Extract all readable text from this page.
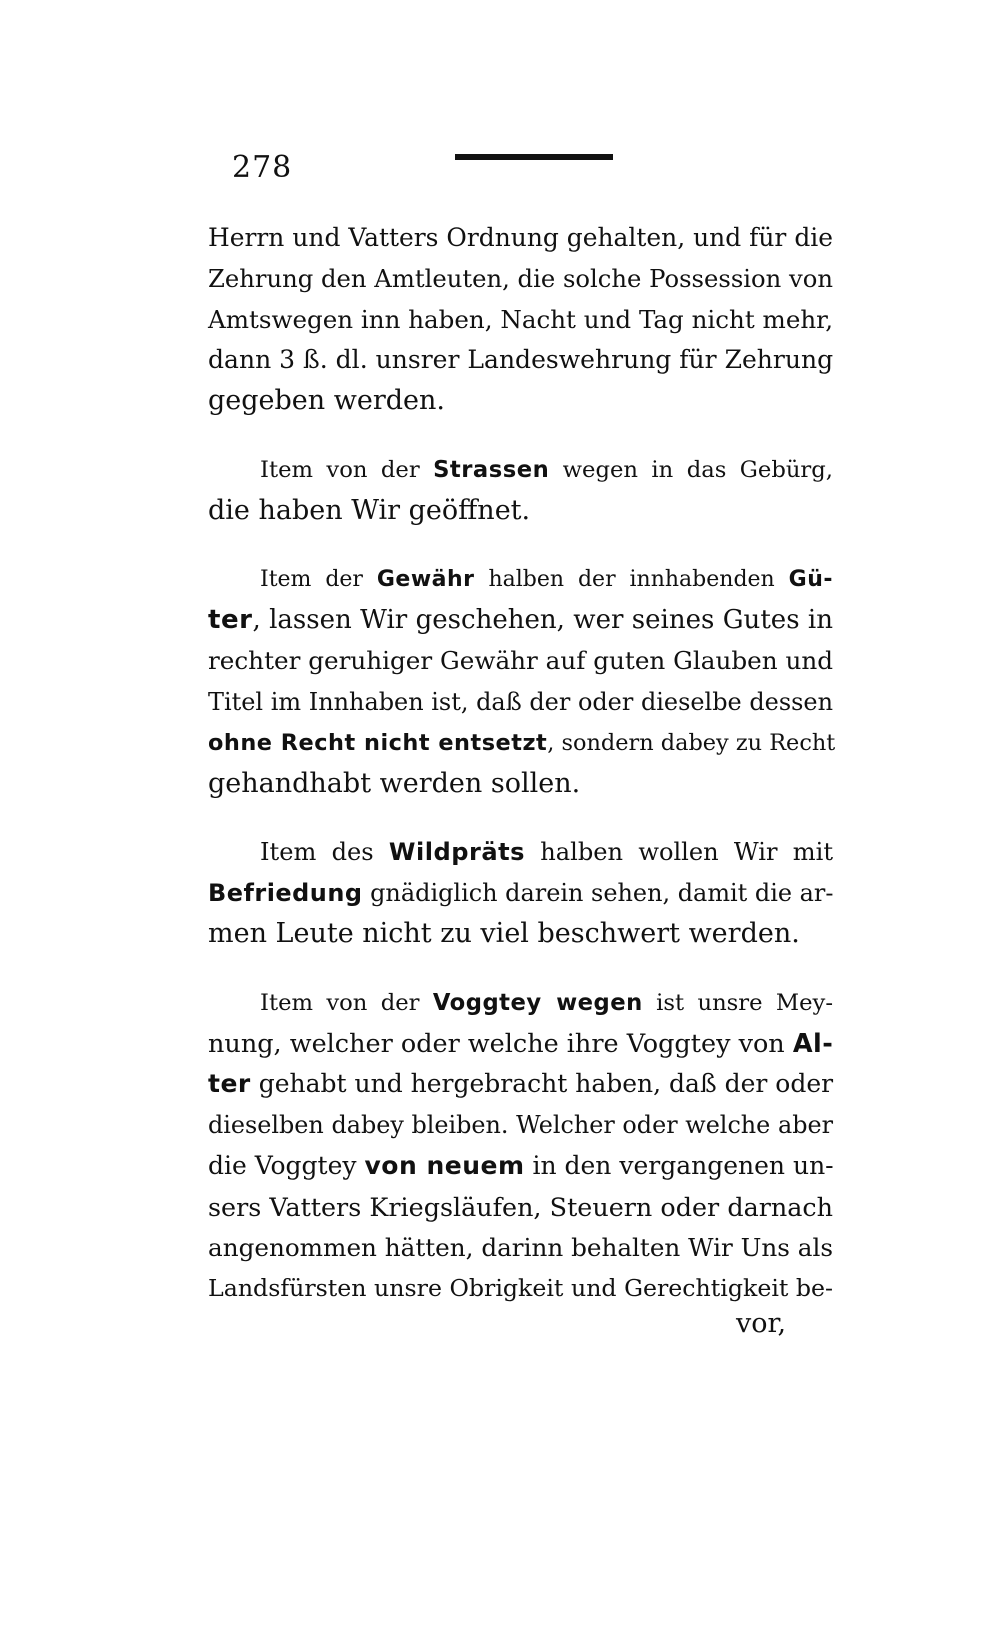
278
Herrn und Vatters Ordnung gehalten, und für die
Zehrung den Amtleuten, die solche Possession von
Amtswegen inn haben, Nacht und Tag nicht mehr,
dann 3 ß. dl. unsrer Landeswehrung für Zehrung
gegeben werden.
Item von der Strassen wegen in das Gebürg,
die haben Wir geöffnet.
Item der Gewähr halben der innhabenden Gü-
ter, lassen Wir geschehen, wer seines Gutes in
rechter geruhiger Gewähr auf guten Glauben und
Titel im Innhaben ist, daß der oder dieselbe dessen
ohne Recht nicht entsetzt, sondern dabey zu Recht
gehandhabt werden sollen.
Item des Wildpräts halben wollen Wir mit
Befriedung gnädiglich darein sehen, damit die ar-
men Leute nicht zu viel beschwert werden.
Item von der Voggtey wegen ist unsre Mey-
nung, welcher oder welche ihre Voggtey von Al-
ter gehabt und hergebracht haben, daß der oder
dieselben dabey bleiben. Welcher oder welche aber
die Voggtey von neuem in den vergangenen un-
sers Vatters Kriegsläufen, Steuern oder darnach
angenommen hätten, darinn behalten Wir Uns als
Landsfürsten unsre Obrigkeit und Gerechtigkeit be-
vor,
